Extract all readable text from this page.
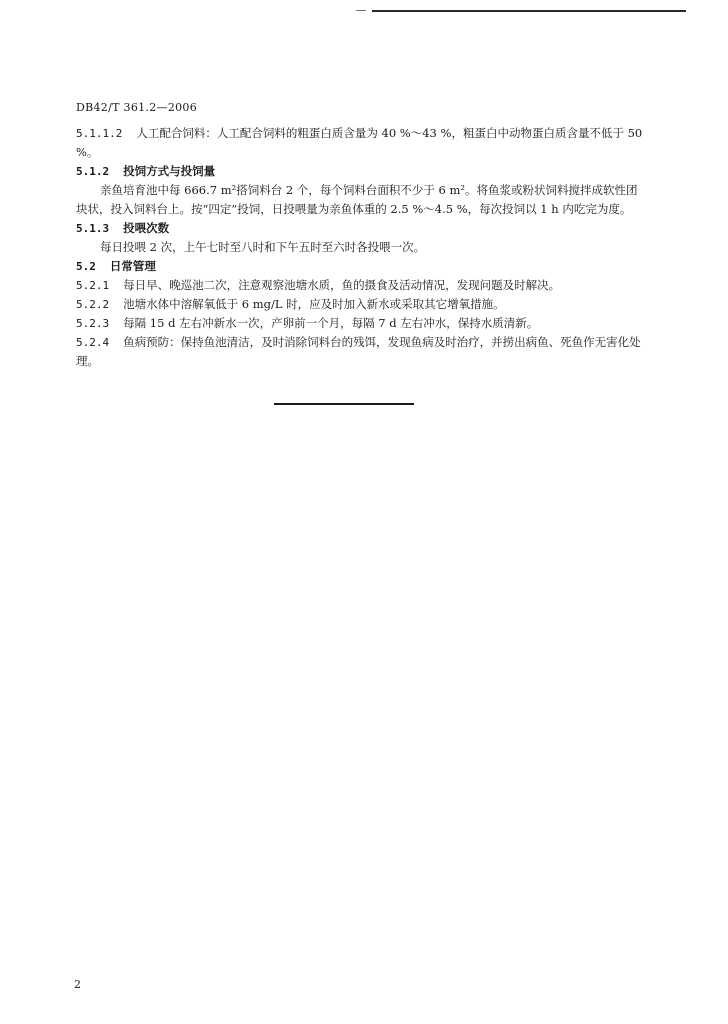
DB42/T 361.2—2006

5.1.1.2 人工配合饲料：人工配合饲料的粗蛋白质含量为 40 %～43 %，粗蛋白中动物蛋白质含量不低于 50 %。

5.1.2 投饲方式与投饲量

亲鱼培育池中每 666.7 m²搭饲料台 2 个，每个饲料台面积不少于 6 m²。将鱼浆或粉状饲料搅拌成软性团块状，投入饲料台上。按“四定”投饲，日投喂量为亲鱼体重的 2.5 %～4.5 %，每次投饲以 1 h 内吃完为度。

5.1.3 投喂次数

每日投喂 2 次，上午七时至八时和下午五时至六时各投喂一次。

5.2 日常管理

5.2.1 每日早、晚巡池二次，注意观察池塘水质，鱼的摄食及活动情况，发现问题及时解决。

5.2.2 池塘水体中溶解氧低于 6 mg/L 时，应及时加入新水或采取其它增氧措施。

5.2.3 每隔 15 d 左右冲新水一次，产卵前一个月，每隔 7 d 左右冲水，保持水质清新。

5.2.4 鱼病预防：保持鱼池清洁，及时消除饲料台的残饵，发现鱼病及时治疗，并捞出病鱼、死鱼作无害化处理。

2
